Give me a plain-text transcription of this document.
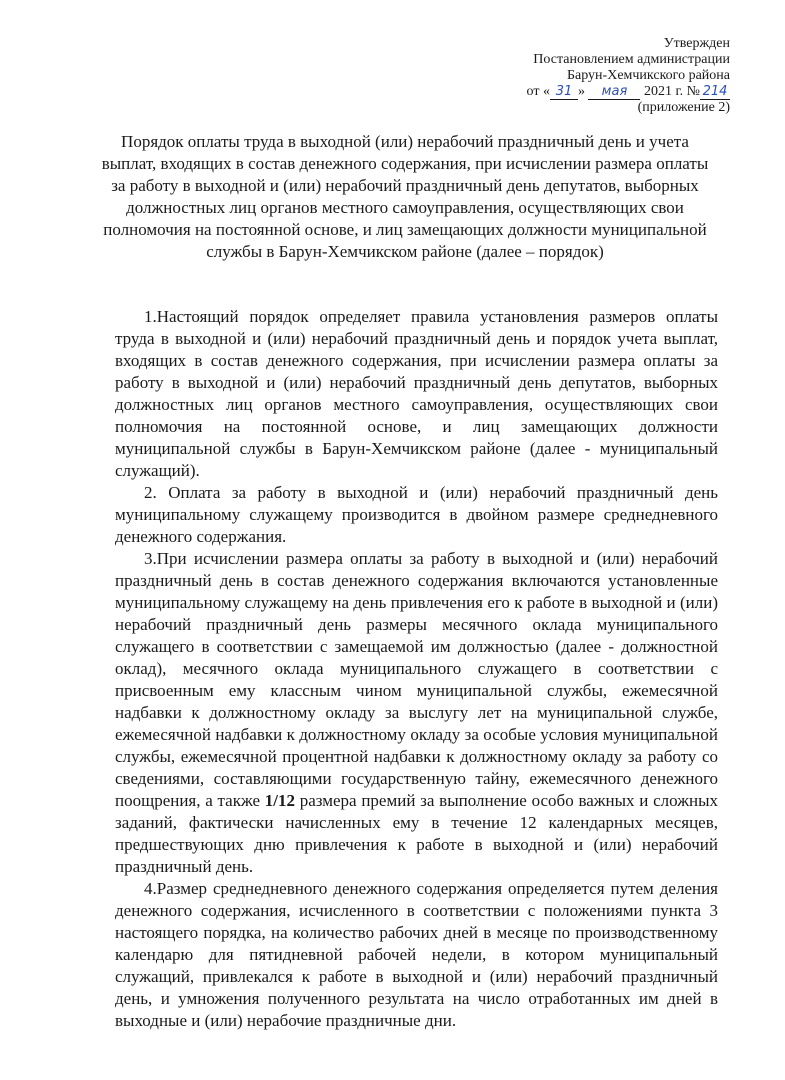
Утвержден
Постановлением администрации
Барун-Хемчикского района
от « 31 » мая 2021 г. № 214
(приложение 2)
Порядок оплаты труда в выходной (или) нерабочий праздничный день и учета выплат, входящих в состав денежного содержания, при исчислении размера оплаты за работу в выходной и (или) нерабочий праздничный день депутатов, выборных должностных лиц органов местного самоуправления, осуществляющих свои полномочия на постоянной основе, и лиц замещающих должности муниципальной службы в Барун-Хемчикском районе (далее – порядок)

1.Настоящий порядок определяет правила установления размеров оплаты труда в выходной и (или) нерабочий праздничный день и порядок учета выплат, входящих в состав денежного содержания, при исчислении размера оплаты за работу в выходной и (или) нерабочий праздничный день депутатов, выборных должностных лиц органов местного самоуправления, осуществляющих свои полномочия на постоянной основе, и лиц замещающих должности муниципальной службы в Барун-Хемчикском районе (далее - муниципальный служащий).

2. Оплата за работу в выходной и (или) нерабочий праздничный день муниципальному служащему производится в двойном размере среднедневного денежного содержания.

3.При исчислении размера оплаты за работу в выходной и (или) нерабочий праздничный день в состав денежного содержания включаются установленные муниципальному служащему на день привлечения его к работе в выходной и (или) нерабочий праздничный день размеры месячного оклада муниципального служащего в соответствии с замещаемой им должностью (далее - должностной оклад), месячного оклада муниципального служащего в соответствии с присвоенным ему классным чином муниципальной службы, ежемесячной надбавки к должностному окладу за выслугу лет на муниципальной службе, ежемесячной надбавки к должностному окладу за особые условия муниципальной службы, ежемесячной процентной надбавки к должностному окладу за работу со сведениями, составляющими государственную тайну, ежемесячного денежного поощрения, а также 1/12 размера премий за выполнение особо важных и сложных заданий, фактически начисленных ему в течение 12 календарных месяцев, предшествующих дню привлечения к работе в выходной и (или) нерабочий праздничный день.

4.Размер среднедневного денежного содержания определяется путем деления денежного содержания, исчисленного в соответствии с положениями пункта 3 настоящего порядка, на количество рабочих дней в месяце по производственному календарю для пятидневной рабочей недели, в котором муниципальный служащий, привлекался к работе в выходной и (или) нерабочий праздничный день, и умножения полученного результата на число отработанных им дней в выходные и (или) нерабочие праздничные дни.
